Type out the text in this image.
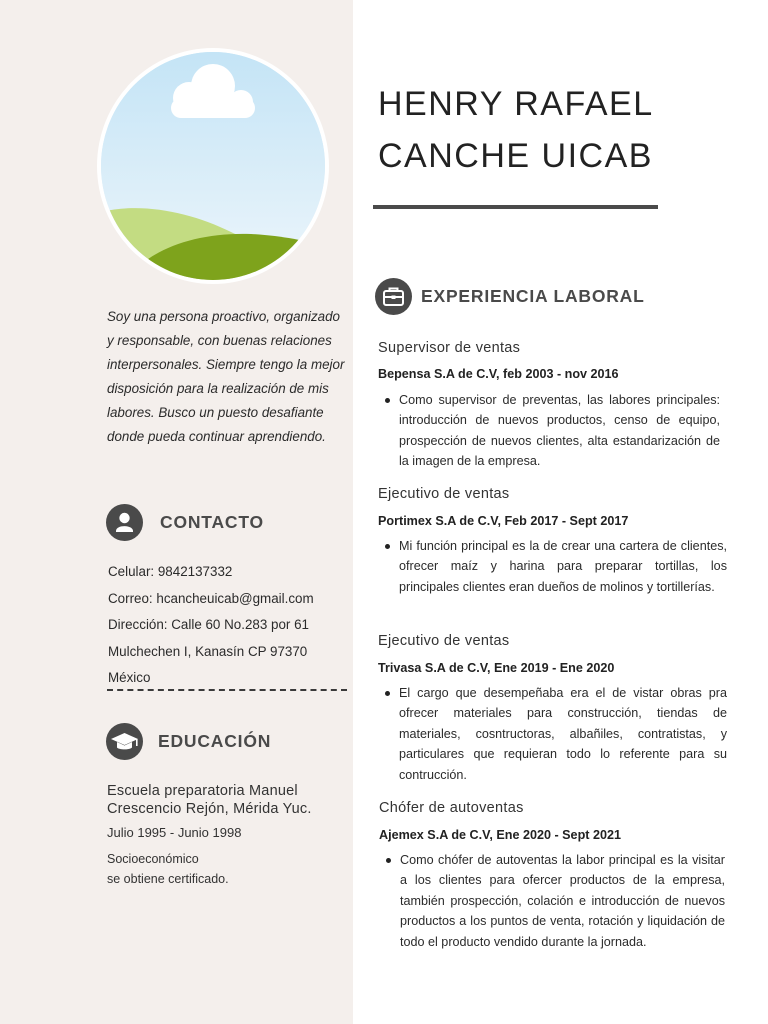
Soy una persona proactivo, organizado y responsable, con buenas relaciones interpersonales. Siempre tengo la mejor disposición para la realización de mis labores. Busco un puesto desafiante donde pueda continuar aprendiendo.

CONTACTO
Celular: 9842137332
Correo: hcancheuicab@gmail.com
Dirección: Calle 60 No.283 por 61
Mulchechen I, Kanasín CP 97370
México
EDUCACIÓN
Escuela preparatoria Manuel Crescencio Rejón, Mérida Yuc.
Julio 1995 - Junio 1998
Socioeconómico
se obtiene certificado.
HENRY RAFAEL
CANCHE UICAB
EXPERIENCIA LABORAL
Supervisor de ventas
Bepensa S.A de C.V, feb 2003 - nov 2016

Como supervisor de preventas, las labores principales: introducción de nuevos productos, censo de equipo, prospección de nuevos clientes, alta estandarización de la imagen de la empresa.

Ejecutivo de ventas
Portimex S.A de C.V, Feb 2017 - Sept 2017

Mi función principal es la de crear una cartera de clientes, ofrecer maíz y harina para preparar tortillas, los principales clientes eran dueños de molinos y tortillerías.

Ejecutivo de ventas
Trivasa S.A de C.V, Ene 2019 - Ene 2020

El cargo que desempeñaba era el de vistar obras pra ofrecer materiales para construcción, tiendas de materiales, cosntructoras, albañiles, contratistas, y particulares que requieran todo lo referente para su contrucción.

Chófer de autoventas
Ajemex S.A de C.V, Ene 2020 - Sept 2021

Como chófer de autoventas la labor principal es la visitar a los clientes para ofercer productos de la empresa, también prospección, colación e introducción de nuevos productos a los puntos de venta, rotación y liquidación de todo el producto vendido durante la jornada.
